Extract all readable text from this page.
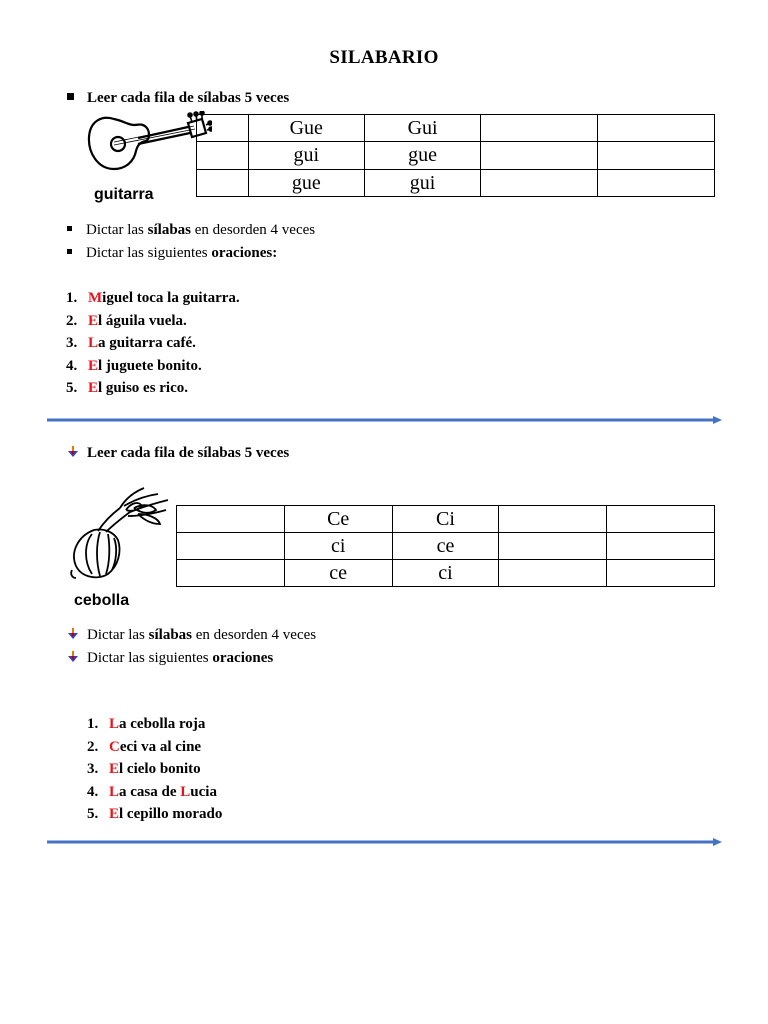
SILABARIO
Leer cada fila de sílabas 5 veces
guitarra
	Gue	Gui		
	gui	gue		
	gue	gui		
Dictar las sílabas en desorden 4 veces
Dictar las siguientes oraciones:
1. Miguel toca la guitarra.
2. El águila vuela.
3. La guitarra café.
4. El juguete bonito.
5. El guiso es rico.
Leer cada fila de sílabas 5 veces
cebolla
	Ce	Ci		
	ci	ce		
	ce	ci		
Dictar las sílabas en desorden 4 veces
Dictar las siguientes oraciones
1. La cebolla roja
2. Ceci va al cine
3. El cielo bonito
4. La casa de Lucia
5. El cepillo morado
